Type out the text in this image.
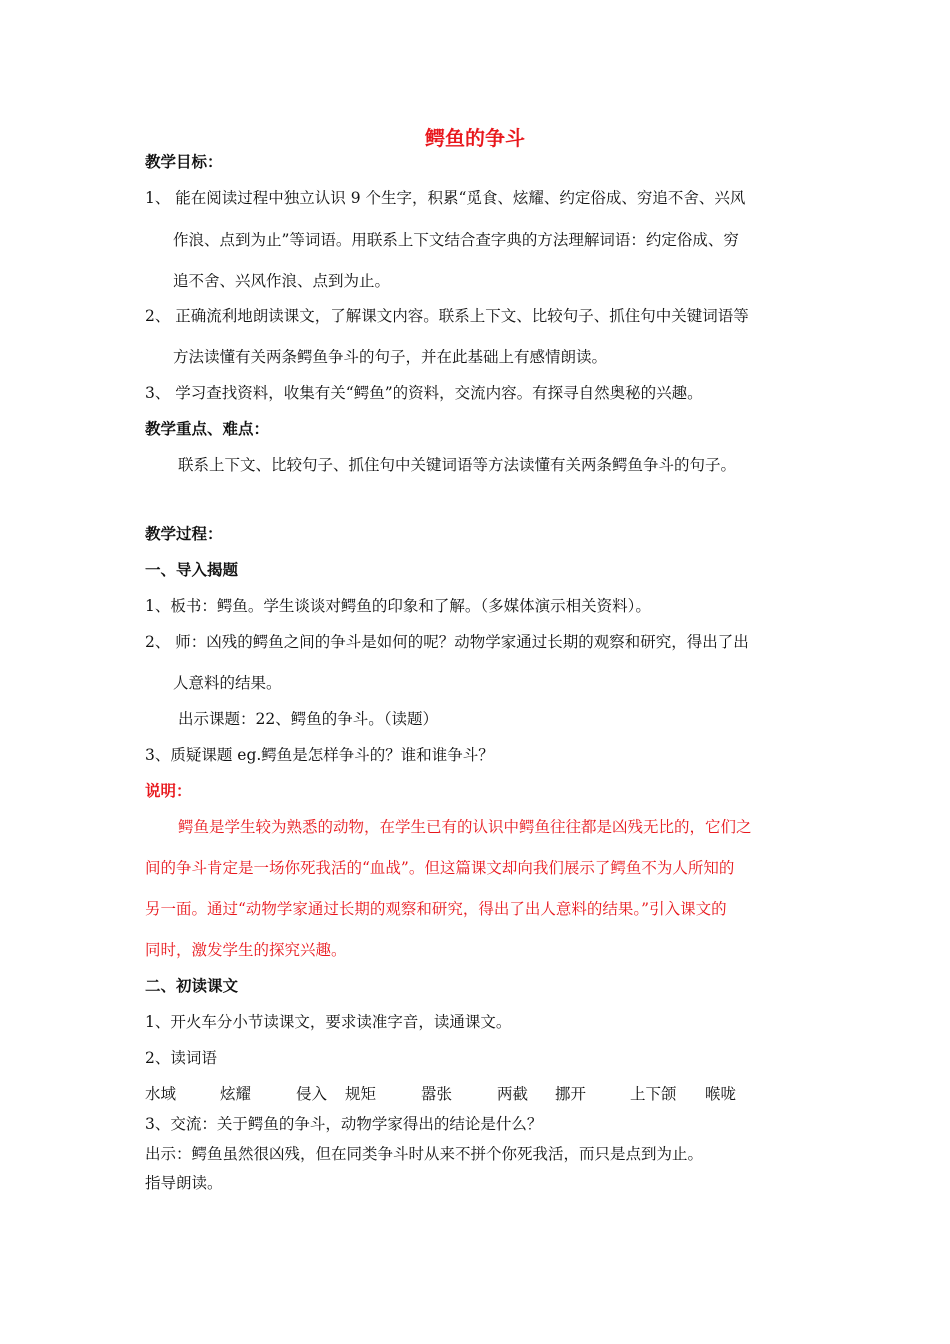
鳄鱼的争斗
教学目标：
1、 能在阅读过程中独立认识 9 个生字，积累“觅食、炫耀、约定俗成、穷追不舍、兴风
作浪、点到为止”等词语。用联系上下文结合查字典的方法理解词语：约定俗成、穷
追不舍、兴风作浪、点到为止。
2、 正确流利地朗读课文，了解课文内容。联系上下文、比较句子、抓住句中关键词语等
方法读懂有关两条鳄鱼争斗的句子，并在此基础上有感情朗读。
3、 学习查找资料，收集有关“鳄鱼”的资料，交流内容。有探寻自然奥秘的兴趣。
教学重点、难点：
联系上下文、比较句子、抓住句中关键词语等方法读懂有关两条鳄鱼争斗的句子。
教学过程：
一、导入揭题
1、板书：鳄鱼。学生谈谈对鳄鱼的印象和了解。（多媒体演示相关资料）。
2、 师：凶残的鳄鱼之间的争斗是如何的呢？动物学家通过长期的观察和研究，得出了出
人意料的结果。
出示课题：22、鳄鱼的争斗。（读题）
3、质疑课题 eg.鳄鱼是怎样争斗的？谁和谁争斗？
说明：
鳄鱼是学生较为熟悉的动物，在学生已有的认识中鳄鱼往往都是凶残无比的，它们之
间的争斗肯定是一场你死我活的“血战”。但这篇课文却向我们展示了鳄鱼不为人所知的
另一面。通过“动物学家通过长期的观察和研究，得出了出人意料的结果。”引入课文的
同时，激发学生的探究兴趣。
二、初读课文
1、开火车分小节读课文，要求读准字音，读通课文。
2、读词语
水域	炫耀	侵入 规矩	嚣张	两截 挪开	上下颌 喉咙
3、交流：关于鳄鱼的争斗，动物学家得出的结论是什么？
出示：鳄鱼虽然很凶残，但在同类争斗时从来不拼个你死我活，而只是点到为止。
指导朗读。
